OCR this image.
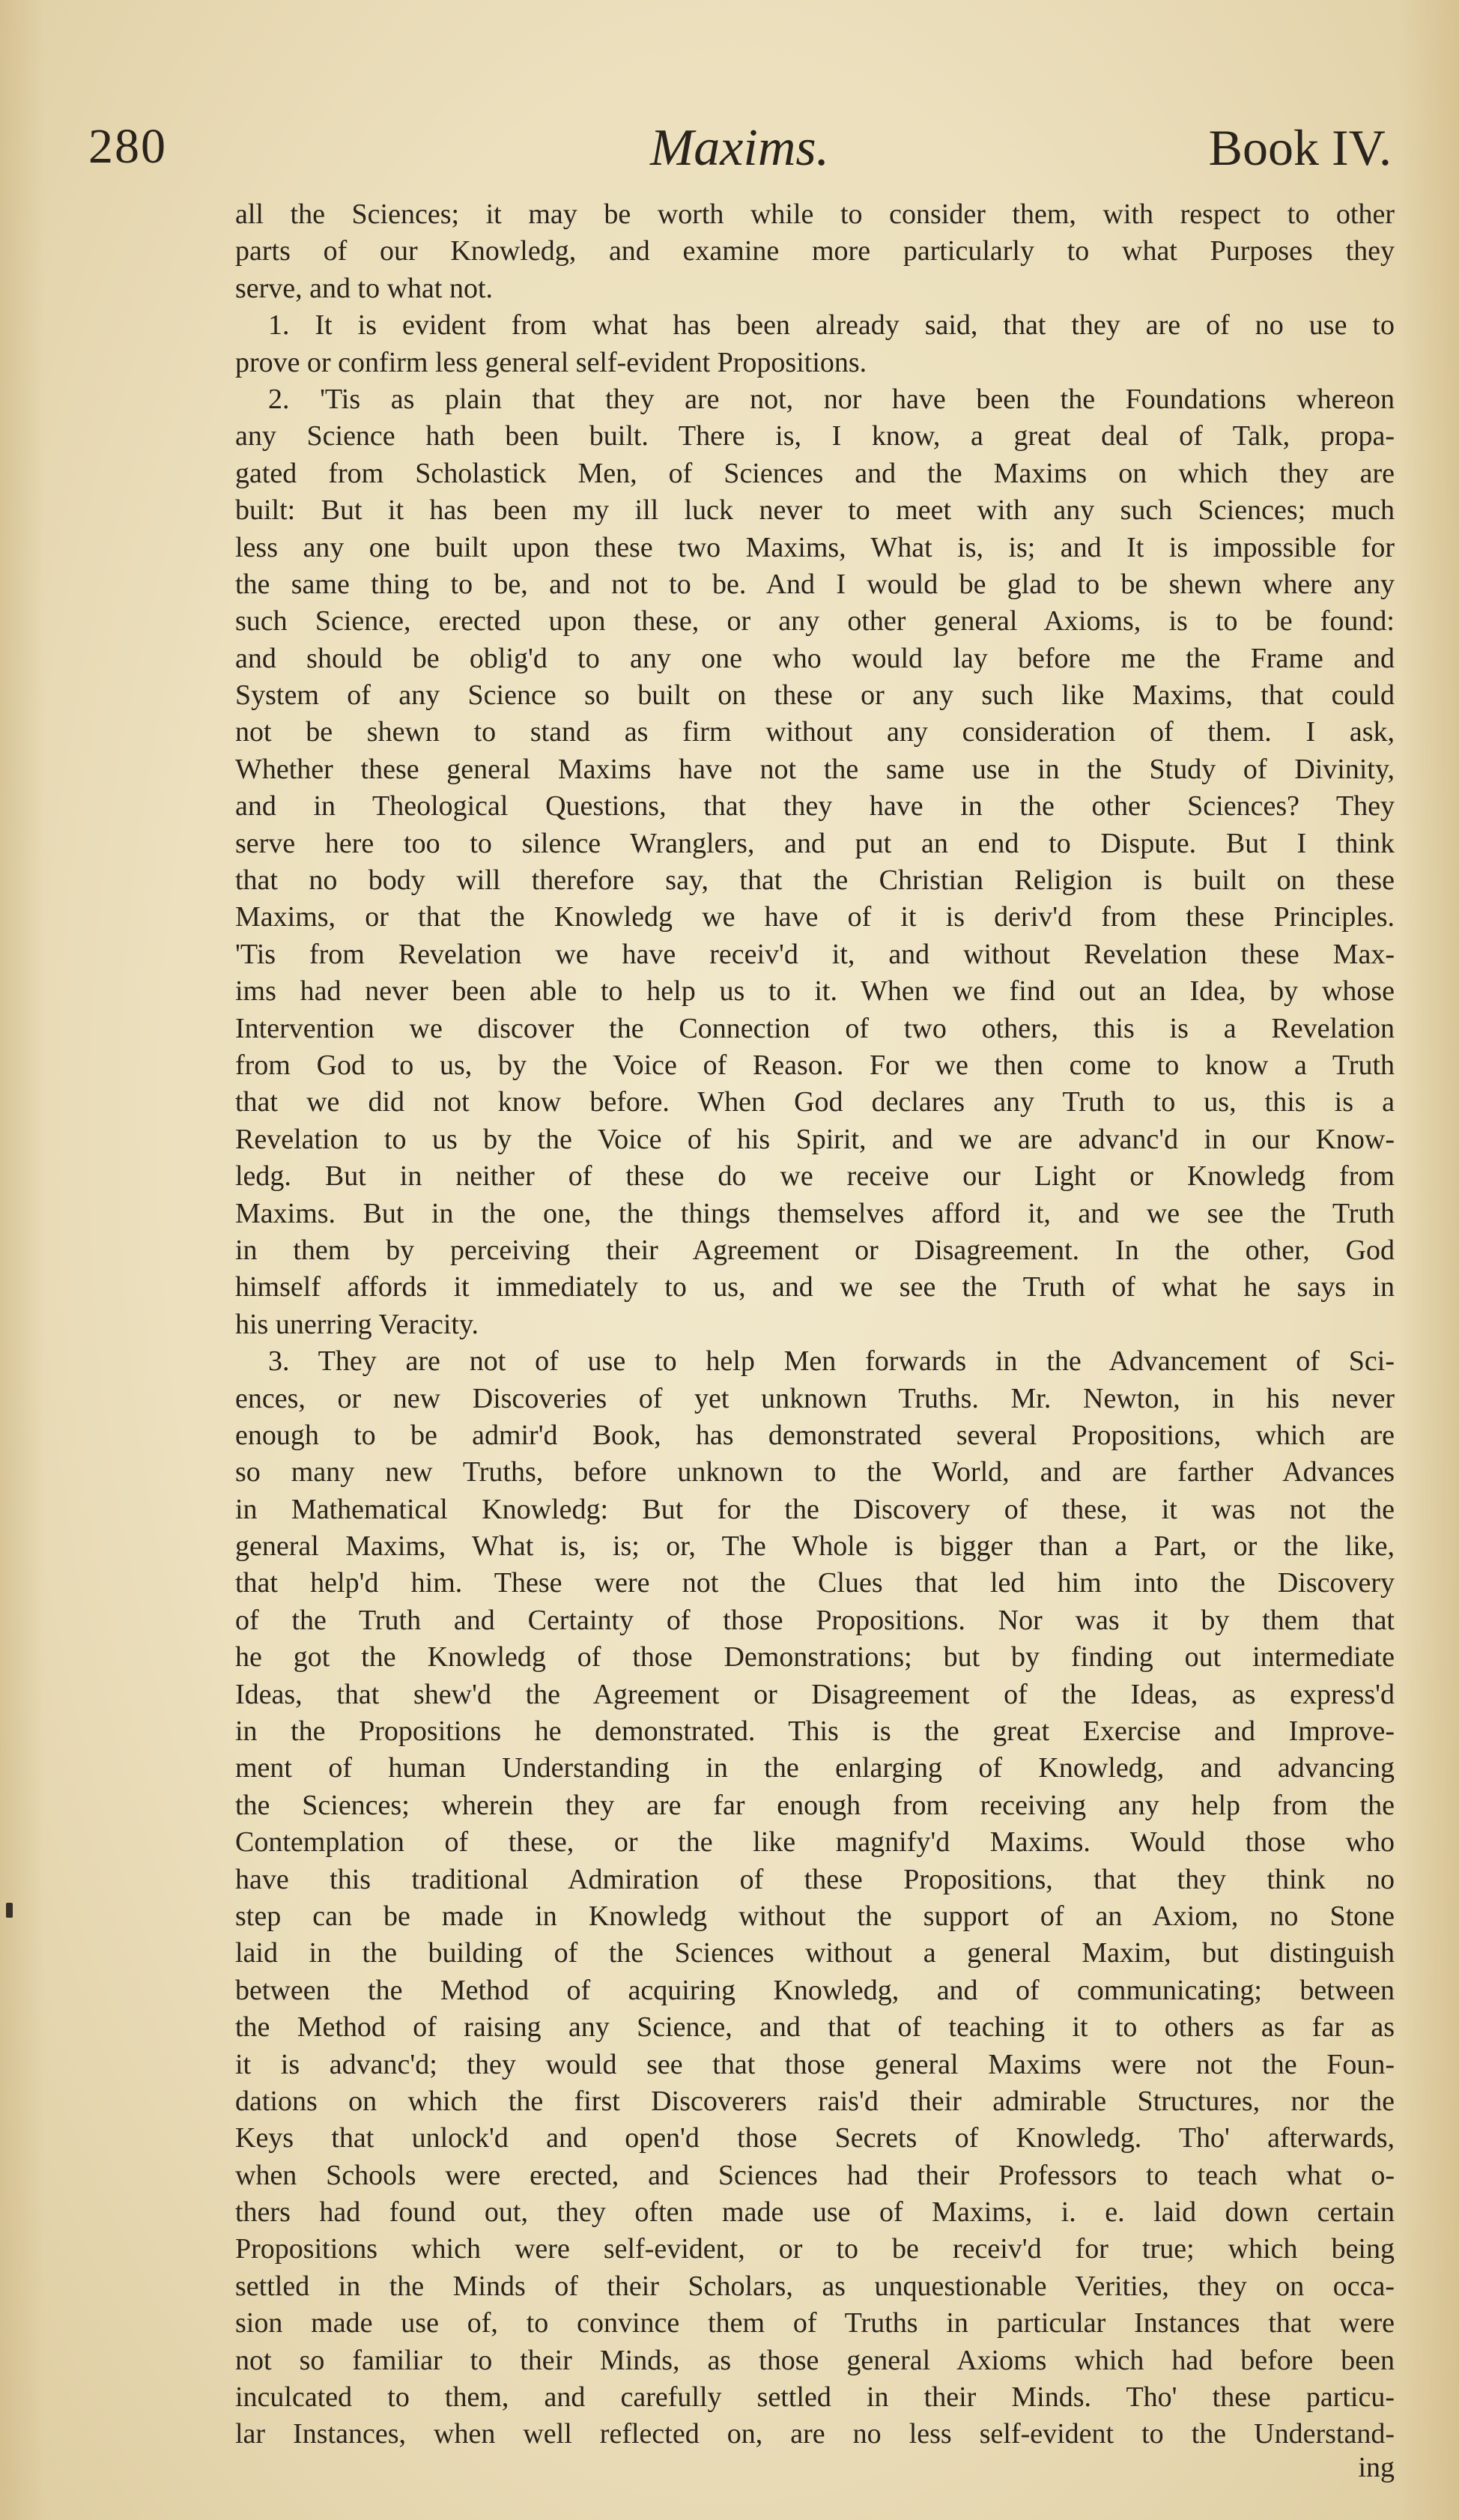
280	Maxims.	Book IV.
all the Sciences; it may be worth while to consider them, with respect to other
parts of our Knowledg, and examine more particularly to what Purposes they
serve, and to what not.
1. It is evident from what has been already said, that they are of no use to
prove or confirm less general self-evident Propositions.
2. 'Tis as plain that they are not, nor have been the Foundations whereon
any Science hath been built. There is, I know, a great deal of Talk, propa-
gated from Scholastick Men, of Sciences and the Maxims on which they are
built: But it has been my ill luck never to meet with any such Sciences; much
less any one built upon these two Maxims, What is, is; and It is impossible for
the same thing to be, and not to be. And I would be glad to be shewn where any
such Science, erected upon these, or any other general Axioms, is to be found:
and should be oblig'd to any one who would lay before me the Frame and
System of any Science so built on these or any such like Maxims, that could
not be shewn to stand as firm without any consideration of them. I ask,
Whether these general Maxims have not the same use in the Study of Divinity,
and in Theological Questions, that they have in the other Sciences? They
serve here too to silence Wranglers, and put an end to Dispute. But I think
that no body will therefore say, that the Christian Religion is built on these
Maxims, or that the Knowledg we have of it is deriv'd from these Principles.
'Tis from Revelation we have receiv'd it, and without Revelation these Max-
ims had never been able to help us to it. When we find out an Idea, by whose
Intervention we discover the Connection of two others, this is a Revelation
from God to us, by the Voice of Reason. For we then come to know a Truth
that we did not know before. When God declares any Truth to us, this is a
Revelation to us by the Voice of his Spirit, and we are advanc'd in our Know-
ledg. But in neither of these do we receive our Light or Knowledg from
Maxims. But in the one, the things themselves afford it, and we see the Truth
in them by perceiving their Agreement or Disagreement. In the other, God
himself affords it immediately to us, and we see the Truth of what he says in
his unerring Veracity.
3. They are not of use to help Men forwards in the Advancement of Sci-
ences, or new Discoveries of yet unknown Truths. Mr. Newton, in his never
enough to be admir'd Book, has demonstrated several Propositions, which are
so many new Truths, before unknown to the World, and are farther Advances
in Mathematical Knowledg: But for the Discovery of these, it was not the
general Maxims, What is, is; or, The Whole is bigger than a Part, or the like,
that help'd him. These were not the Clues that led him into the Discovery
of the Truth and Certainty of those Propositions. Nor was it by them that
he got the Knowledg of those Demonstrations; but by finding out intermediate
Ideas, that shew'd the Agreement or Disagreement of the Ideas, as express'd
in the Propositions he demonstrated. This is the great Exercise and Improve-
ment of human Understanding in the enlarging of Knowledg, and advancing
the Sciences; wherein they are far enough from receiving any help from the
Contemplation of these, or the like magnify'd Maxims. Would those who
have this traditional Admiration of these Propositions, that they think no
step can be made in Knowledg without the support of an Axiom, no Stone
laid in the building of the Sciences without a general Maxim, but distinguish
between the Method of acquiring Knowledg, and of communicating; between
the Method of raising any Science, and that of teaching it to others as far as
it is advanc'd; they would see that those general Maxims were not the Foun-
dations on which the first Discoverers rais'd their admirable Structures, nor the
Keys that unlock'd and open'd those Secrets of Knowledg. Tho' afterwards,
when Schools were erected, and Sciences had their Professors to teach what o-
thers had found out, they often made use of Maxims, i. e. laid down certain
Propositions which were self-evident, or to be receiv'd for true; which being
settled in the Minds of their Scholars, as unquestionable Verities, they on occa-
sion made use of, to convince them of Truths in particular Instances that were
not so familiar to their Minds, as those general Axioms which had before been
inculcated to them, and carefully settled in their Minds. Tho' these particu-
lar Instances, when well reflected on, are no less self-evident to the Understand-
ing
